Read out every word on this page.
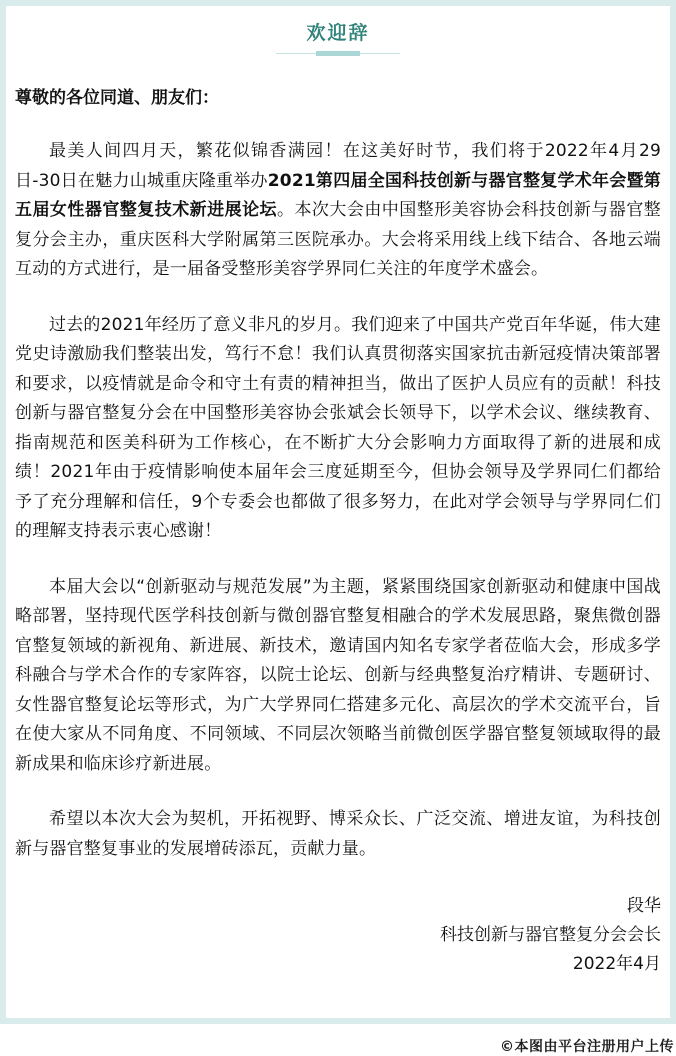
欢迎辞
尊敬的各位同道、朋友们：

最美人间四月天，繁花似锦香满园！在这美好时节，我们将于2022年4月29日-30日在魅力山城重庆隆重举办2021第四届全国科技创新与器官整复学术年会暨第五届女性器官整复技术新进展论坛。本次大会由中国整形美容协会科技创新与器官整复分会主办，重庆医科大学附属第三医院承办。大会将采用线上线下结合、各地云端互动的方式进行，是一届备受整形美容学界同仁关注的年度学术盛会。

过去的2021年经历了意义非凡的岁月。我们迎来了中国共产党百年华诞，伟大建党史诗激励我们整装出发，笃行不怠！我们认真贯彻落实国家抗击新冠疫情决策部署和要求，以疫情就是命令和守土有责的精神担当，做出了医护人员应有的贡献！科技创新与器官整复分会在中国整形美容协会张斌会长领导下，以学术会议、继续教育、指南规范和医美科研为工作核心，在不断扩大分会影响力方面取得了新的进展和成绩！2021年由于疫情影响使本届年会三度延期至今，但协会领导及学界同仁们都给予了充分理解和信任，9个专委会也都做了很多努力，在此对学会领导与学界同仁们的理解支持表示衷心感谢！

本届大会以“创新驱动与规范发展”为主题，紧紧围绕国家创新驱动和健康中国战略部署，坚持现代医学科技创新与微创器官整复相融合的学术发展思路，聚焦微创器官整复领域的新视角、新进展、新技术，邀请国内知名专家学者莅临大会，形成多学科融合与学术合作的专家阵容，以院士论坛、创新与经典整复治疗精讲、专题研讨、女性器官整复论坛等形式，为广大学界同仁搭建多元化、高层次的学术交流平台，旨在使大家从不同角度、不同领域、不同层次领略当前微创医学器官整复领域取得的最新成果和临床诊疗新进展。

希望以本次大会为契机，开拓视野、博采众长、广泛交流、增进友谊，为科技创新与器官整复事业的发展增砖添瓦，贡献力量。

段华
科技创新与器官整复分会会长
2022年4月
©本图由平台注册用户上传
